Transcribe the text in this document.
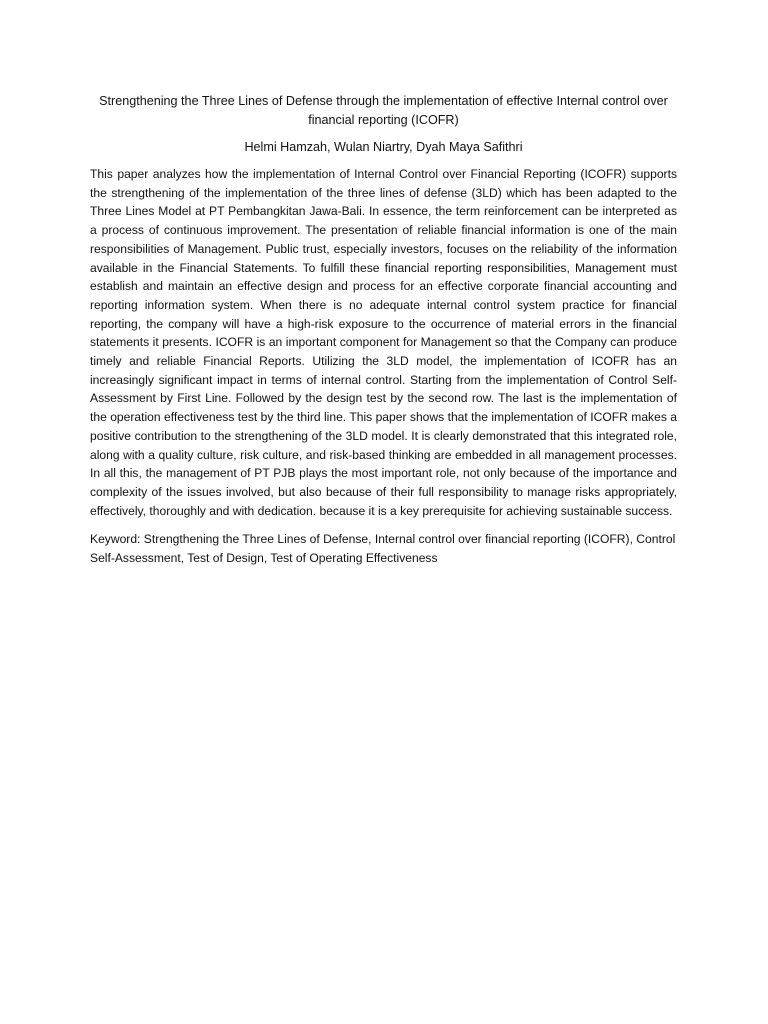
Strengthening the Three Lines of Defense through the implementation of effective Internal control over financial reporting (ICOFR)

Helmi Hamzah, Wulan Niartry, Dyah Maya Safithri

This paper analyzes how the implementation of Internal Control over Financial Reporting (ICOFR) supports the strengthening of the implementation of the three lines of defense (3LD) which has been adapted to the Three Lines Model at PT Pembangkitan Jawa-Bali. In essence, the term reinforcement can be interpreted as a process of continuous improvement. The presentation of reliable financial information is one of the main responsibilities of Management. Public trust, especially investors, focuses on the reliability of the information available in the Financial Statements. To fulfill these financial reporting responsibilities, Management must establish and maintain an effective design and process for an effective corporate financial accounting and reporting information system. When there is no adequate internal control system practice for financial reporting, the company will have a high-risk exposure to the occurrence of material errors in the financial statements it presents. ICOFR is an important component for Management so that the Company can produce timely and reliable Financial Reports. Utilizing the 3LD model, the implementation of ICOFR has an increasingly significant impact in terms of internal control. Starting from the implementation of Control Self-Assessment by First Line. Followed by the design test by the second row. The last is the implementation of the operation effectiveness test by the third line. This paper shows that the implementation of ICOFR makes a positive contribution to the strengthening of the 3LD model. It is clearly demonstrated that this integrated role, along with a quality culture, risk culture, and risk-based thinking are embedded in all management processes. In all this, the management of PT PJB plays the most important role, not only because of the importance and complexity of the issues involved, but also because of their full responsibility to manage risks appropriately, effectively, thoroughly and with dedication. because it is a key prerequisite for achieving sustainable success.

Keyword: Strengthening the Three Lines of Defense, Internal control over financial reporting (ICOFR), Control Self-Assessment, Test of Design, Test of Operating Effectiveness
